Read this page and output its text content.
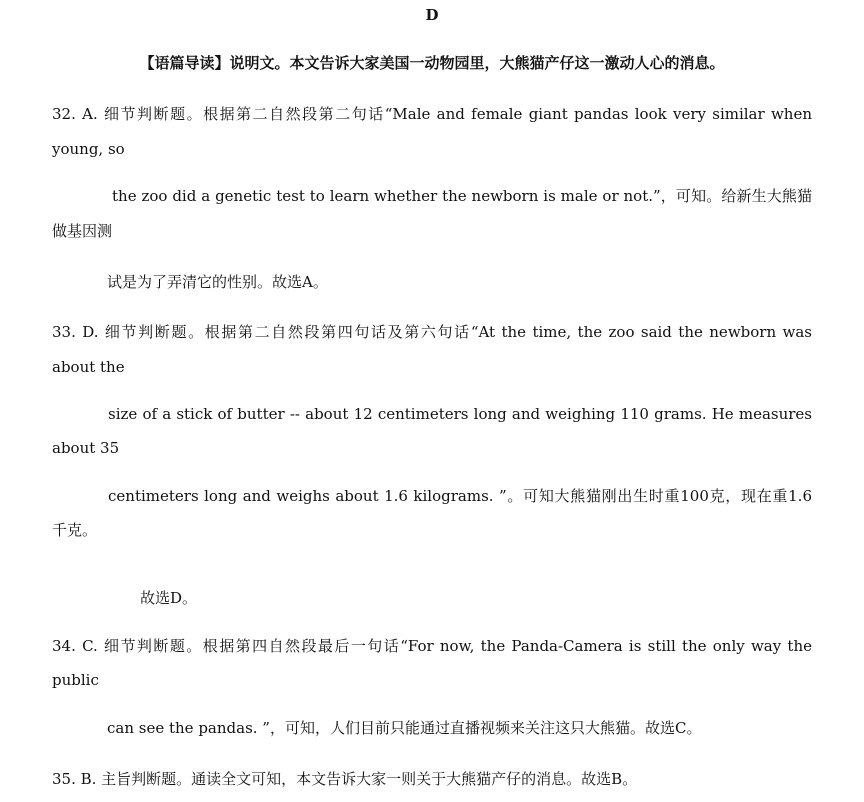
D
【语篇导读】说明文。本文告诉大家美国一动物园里，大熊猫产仔这一激动人心的消息。
32. A. 细节判断题。根据第二自然段第二句话“Male and female giant pandas look very similar when
young, so
the zoo did a genetic test to learn whether the newborn is male or not.”，可知。给新生大熊猫
做基因测
试是为了弄清它的性别。故选A。
33. D. 细节判断题。根据第二自然段第四句话及第六句话“At the time, the zoo said the newborn was
about the
size of a stick of butter -- about 12 centimeters long and weighing 110 grams. He measures
about 35
centimeters long and weighs about 1.6 kilograms. ”。可知大熊猫刚出生时重100克，现在重1.6
千克。
故选D。
34. C. 细节判断题。根据第四自然段最后一句话“For now, the Panda-Camera is still the only way the
public
can see the pandas. ”，可知，人们目前只能通过直播视频来关注这只大熊猫。故选C。
35. B. 主旨判断题。通读全文可知，本文告诉大家一则关于大熊猫产仔的消息。故选B。
